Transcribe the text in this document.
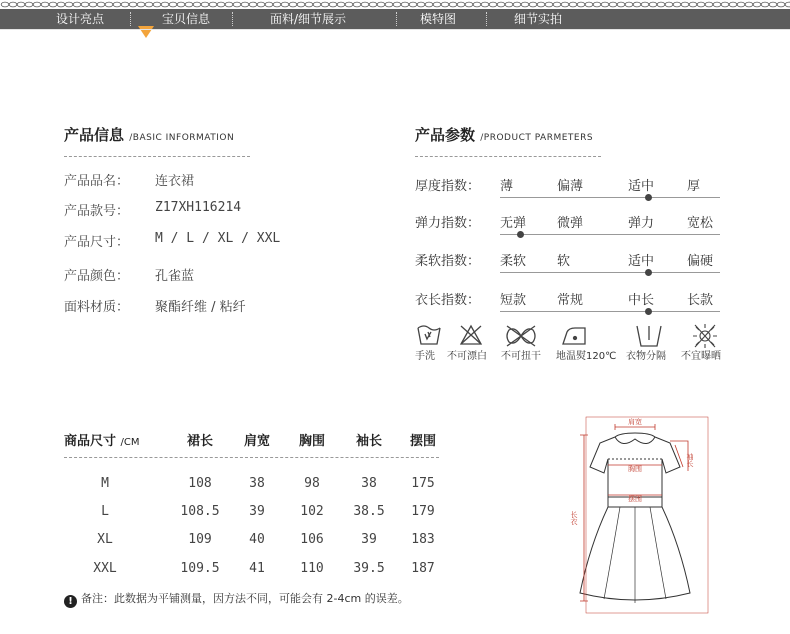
设计亮点	宝贝信息	面料/细节展示	模特图	细节实拍
产品信息 /BASIC INFORMATION
产品品名： 连衣裙
产品款号： Z17XH116214
产品尺寸： M / L / XL / XXL
产品颜色： 孔雀蓝
面料材质： 聚酯纤维 / 粘纤
产品参数 /PRODUCT PARMETERS
厚度指数： 薄	偏薄	适中	厚
弹力指数： 无弹 微弹	弹力	宽松
柔软指数： 柔软 软	适中	偏硬
衣长指数： 短款 常规	中长	长款
手洗 不可漂白 不可扭干 地温熨120℃ 衣物分隔 不宜曝晒
商品尺寸 /CM	裙长 肩宽 胸围 袖长 摆围
M	108	38	98	38	175
L	108.5	39	102	38.5	179
XL	109	40	106	39	183
XXL	109.5	41	110	39.5	187
! 备注：此数据为平铺测量，因方法不同，可能会有 2-4cm 的误差。
肩宽
胸围
摆围
袖长
长衣
